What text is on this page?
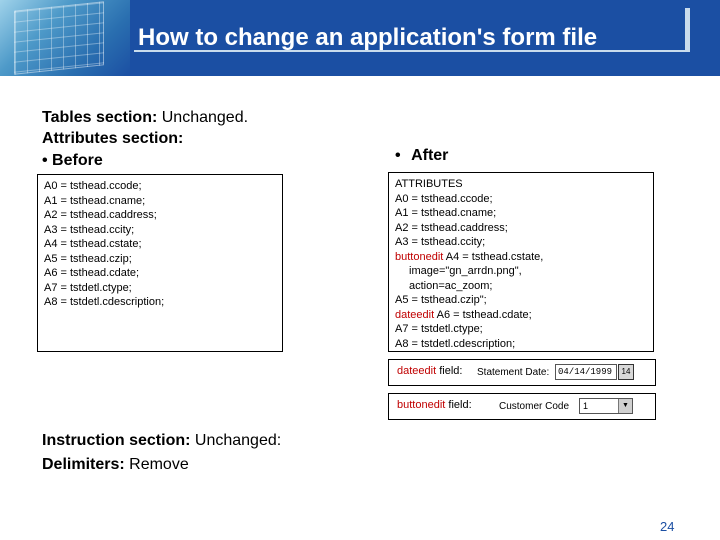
How to change an application's form file
Tables section: Unchanged.
Attributes section:
• Before	• After
A0 = tsthead.ccode;
A1 = tsthead.cname;
A2 = tsthead.caddress;
A3 = tsthead.ccity;
A4 = tsthead.cstate;
A5 = tsthead.czip;
A6 = tsthead.cdate;
A7 = tstdetl.ctype;
A8 = tstdetl.cdescription;
ATTRIBUTES
A0 = tsthead.ccode;
A1 = tsthead.cname;
A2 = tsthead.caddress;
A3 = tsthead.ccity;
buttonedit A4 = tsthead.cstate,
image="gn_arrdn.png",
action=ac_zoom;
A5 = tsthead.czip";
dateedit A6 = tsthead.cdate;
A7 = tstdetl.ctype;
A8 = tstdetl.cdescription;
dateedit field: Statement Date: 04/14/1999	14
buttonedit field:	Customer Code 1	▼
Instruction section: Unchanged:
Delimiters: Remove
24
